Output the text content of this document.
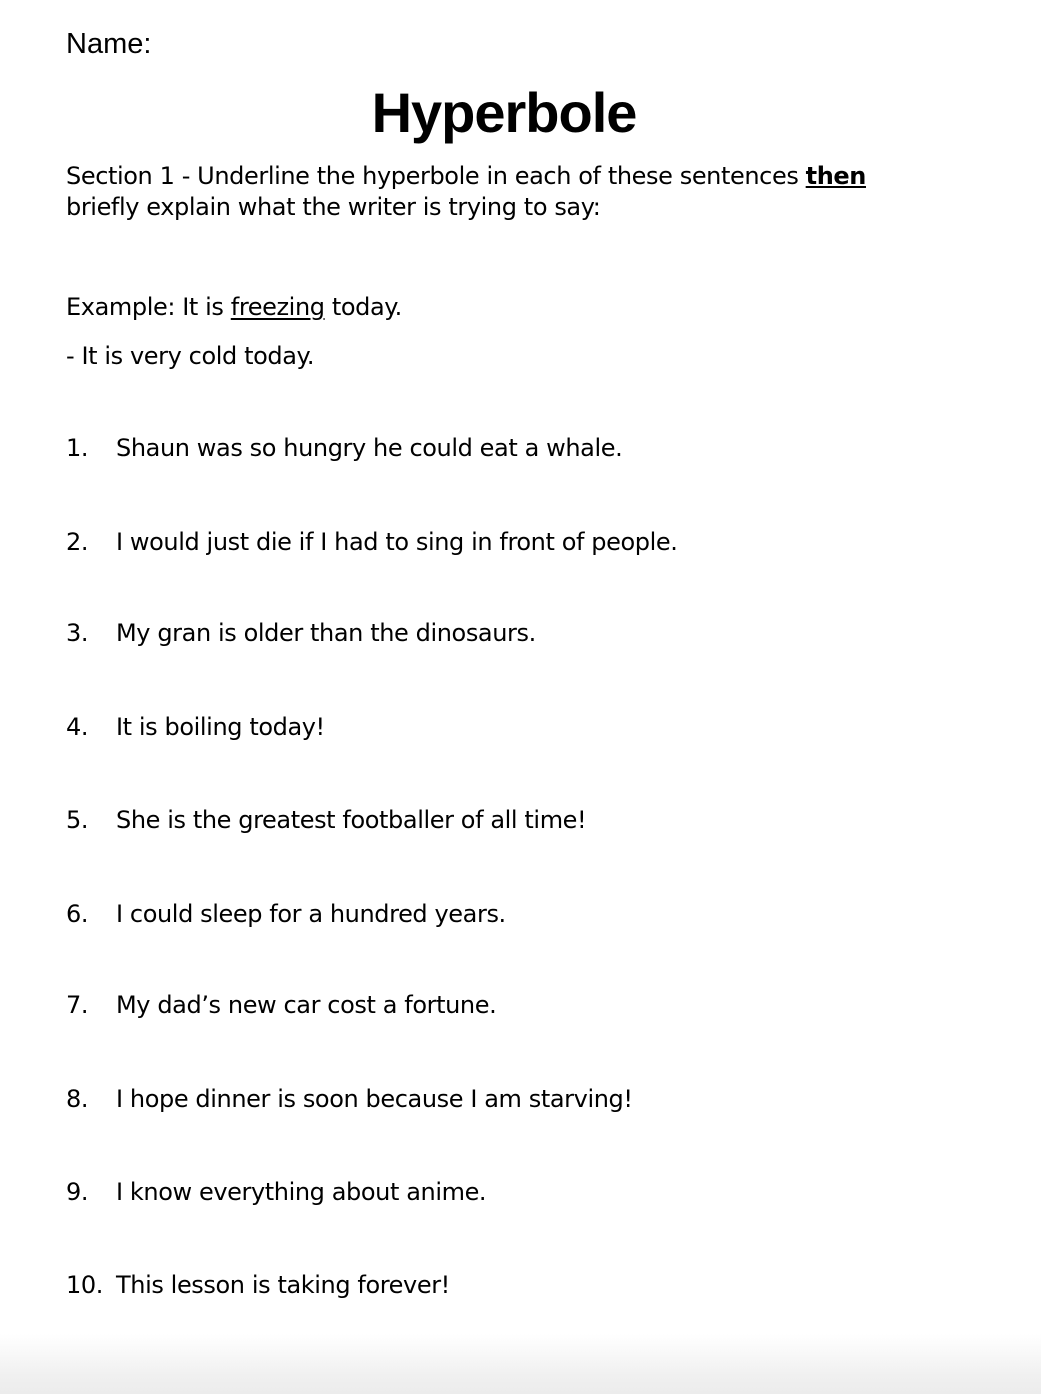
Name:
Hyperbole
Section 1 - Underline the hyperbole in each of these sentences then
briefly explain what the writer is trying to say:
Example: It is freezing today.
- It is very cold today.
1. Shaun was so hungry he could eat a whale.
2. I would just die if I had to sing in front of people.
3. My gran is older than the dinosaurs.
4. It is boiling today!
5. She is the greatest footballer of all time!
6. I could sleep for a hundred years.
7. My dad’s new car cost a fortune.
8. I hope dinner is soon because I am starving!
9. I know everything about anime.
10. This lesson is taking forever!
